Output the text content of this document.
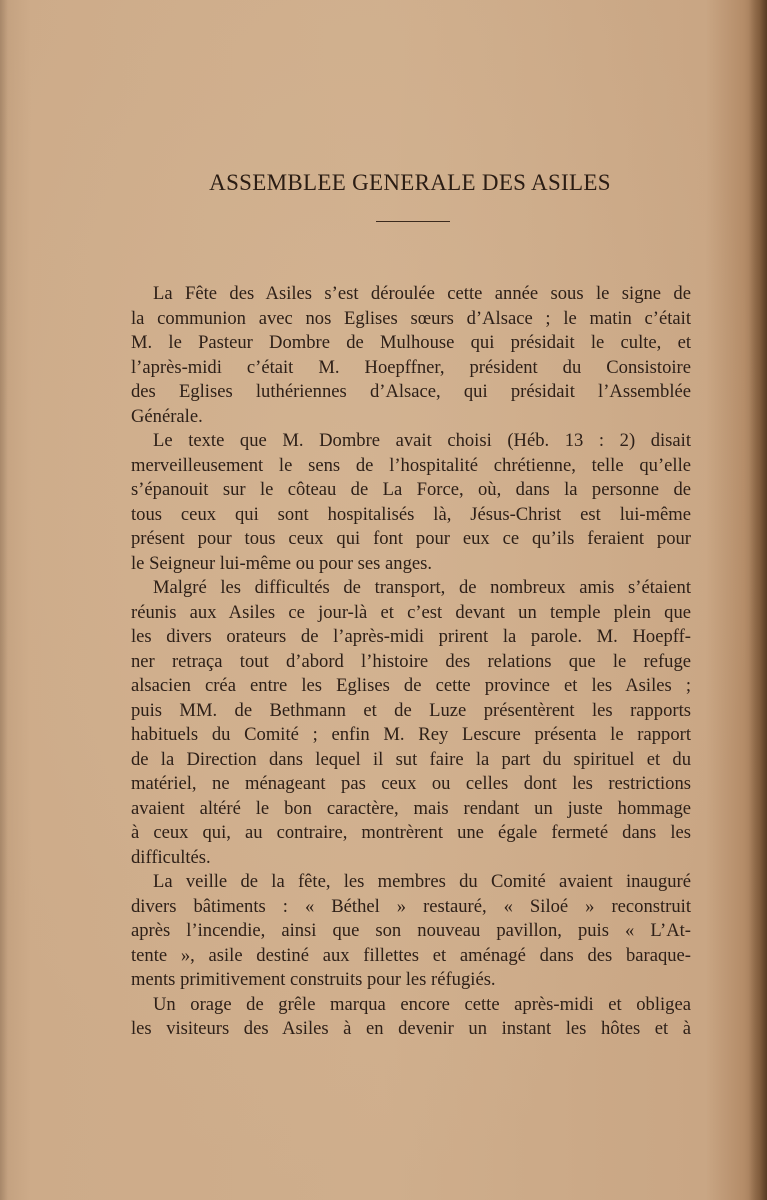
ASSEMBLEE GENERALE DES ASILES
La Fête des Asiles s’est déroulée cette année sous le signe de
la communion avec nos Eglises sœurs d’Alsace ; le matin c’était
M. le Pasteur Dombre de Mulhouse qui présidait le culte, et
l’après-midi c’était M. Hoepffner, président du Consistoire
des Eglises luthériennes d’Alsace, qui présidait l’Assemblée
Générale.
Le texte que M. Dombre avait choisi (Héb. 13 : 2) disait
merveilleusement le sens de l’hospitalité chrétienne, telle qu’elle
s’épanouit sur le côteau de La Force, où, dans la personne de
tous ceux qui sont hospitalisés là, Jésus-Christ est lui-même
présent pour tous ceux qui font pour eux ce qu’ils feraient pour
le Seigneur lui-même ou pour ses anges.
Malgré les difficultés de transport, de nombreux amis s’étaient
réunis aux Asiles ce jour-là et c’est devant un temple plein que
les divers orateurs de l’après-midi prirent la parole. M. Hoepff-
ner retraça tout d’abord l’histoire des relations que le refuge
alsacien créa entre les Eglises de cette province et les Asiles ;
puis MM. de Bethmann et de Luze présentèrent les rapports
habituels du Comité ; enfin M. Rey Lescure présenta le rapport
de la Direction dans lequel il sut faire la part du spirituel et du
matériel, ne ménageant pas ceux ou celles dont les restrictions
avaient altéré le bon caractère, mais rendant un juste hommage
à ceux qui, au contraire, montrèrent une égale fermeté dans les
difficultés.
La veille de la fête, les membres du Comité avaient inauguré
divers bâtiments : « Béthel » restauré, « Siloé » reconstruit
après l’incendie, ainsi que son nouveau pavillon, puis « L’At-
tente », asile destiné aux fillettes et aménagé dans des baraque-
ments primitivement construits pour les réfugiés.
Un orage de grêle marqua encore cette après-midi et obligea
les visiteurs des Asiles à en devenir un instant les hôtes et à
